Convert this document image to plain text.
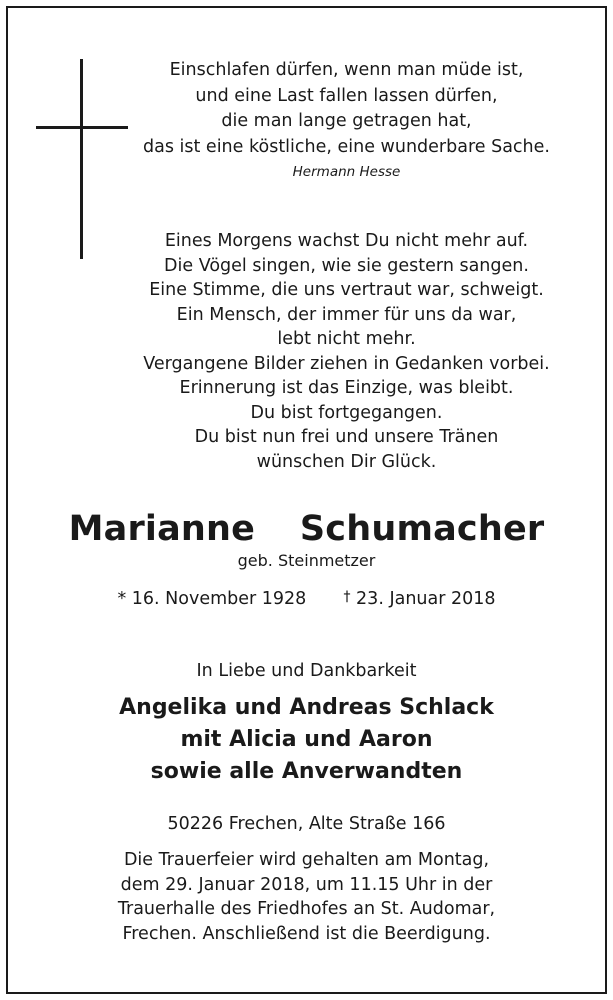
Einschlafen dürfen, wenn man müde ist,
und eine Last fallen lassen dürfen,
die man lange getragen hat,
das ist eine köstliche, eine wunderbare Sache.
Hermann Hesse
Eines Morgens wachst Du nicht mehr auf.
Die Vögel singen, wie sie gestern sangen.
Eine Stimme, die uns vertraut war, schweigt.
Ein Mensch, der immer für uns da war,
lebt nicht mehr.
Vergangene Bilder ziehen in Gedanken vorbei.
Erinnerung ist das Einzige, was bleibt.
Du bist fortgegangen.
Du bist nun frei und unsere Tränen
wünschen Dir Glück.
Marianne  Schumacher
geb. Steinmetzer
* 16. November 1928	† 23. Januar 2018
In Liebe und Dankbarkeit
Angelika und Andreas Schlack
mit Alicia und Aaron
sowie alle Anverwandten
50226 Frechen, Alte Straße 166
Die Trauerfeier wird gehalten am Montag,
dem 29. Januar 2018, um 11.15 Uhr in der
Trauerhalle des Friedhofes an St. Audomar,
Frechen. Anschließend ist die Beerdigung.
